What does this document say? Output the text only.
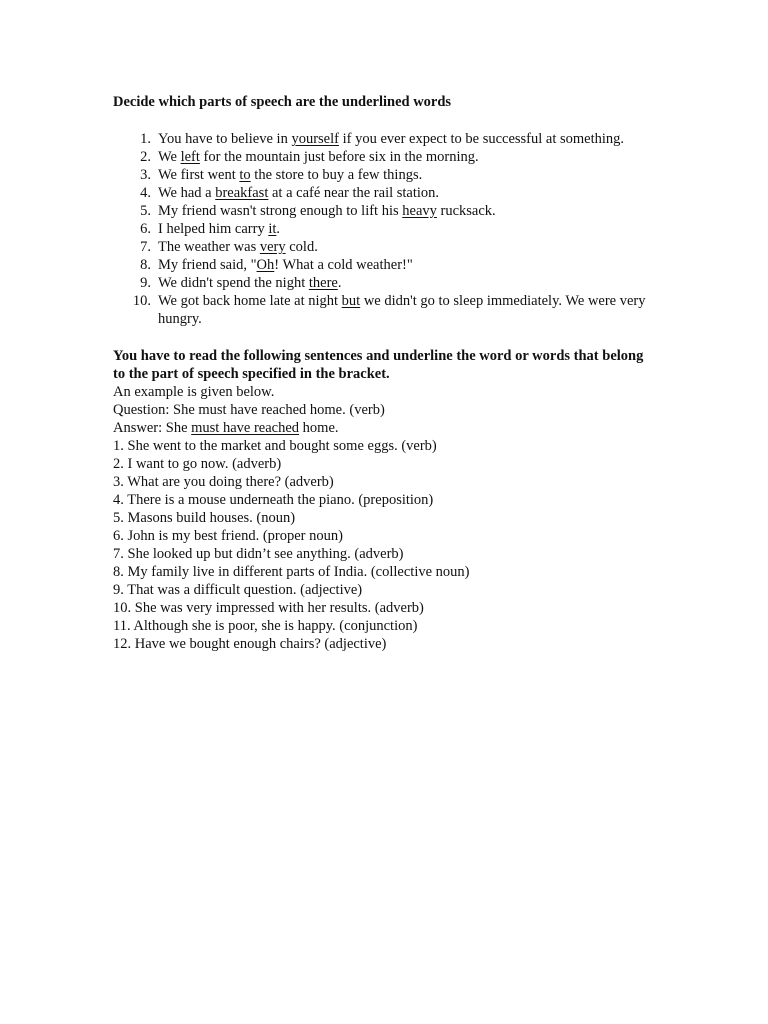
Decide which parts of speech are the underlined words

1. You have to believe in yourself if you ever expect to be successful at something.
2. We left for the mountain just before six in the morning.
3. We first went to the store to buy a few things.
4. We had a breakfast at a café near the rail station.
5. My friend wasn't strong enough to lift his heavy rucksack.
6. I helped him carry it.
7. The weather was very cold.
8. My friend said, "Oh! What a cold weather!"
9. We didn't spend the night there.
10. We got back home late at night but we didn't go to sleep immediately. We were very hungry.

You have to read the following sentences and underline the word or words that belong to the part of speech specified in the bracket.

An example is given below.

Question: She must have reached home. (verb)

Answer: She must have reached home.

1. She went to the market and bought some eggs. (verb)

2. I want to go now. (adverb)

3. What are you doing there? (adverb)

4. There is a mouse underneath the piano. (preposition)

5. Masons build houses. (noun)

6. John is my best friend. (proper noun)

7. She looked up but didn’t see anything. (adverb)

8. My family live in different parts of India. (collective noun)

9. That was a difficult question. (adjective)

10. She was very impressed with her results. (adverb)

11. Although she is poor, she is happy. (conjunction)

12. Have we bought enough chairs? (adjective)
